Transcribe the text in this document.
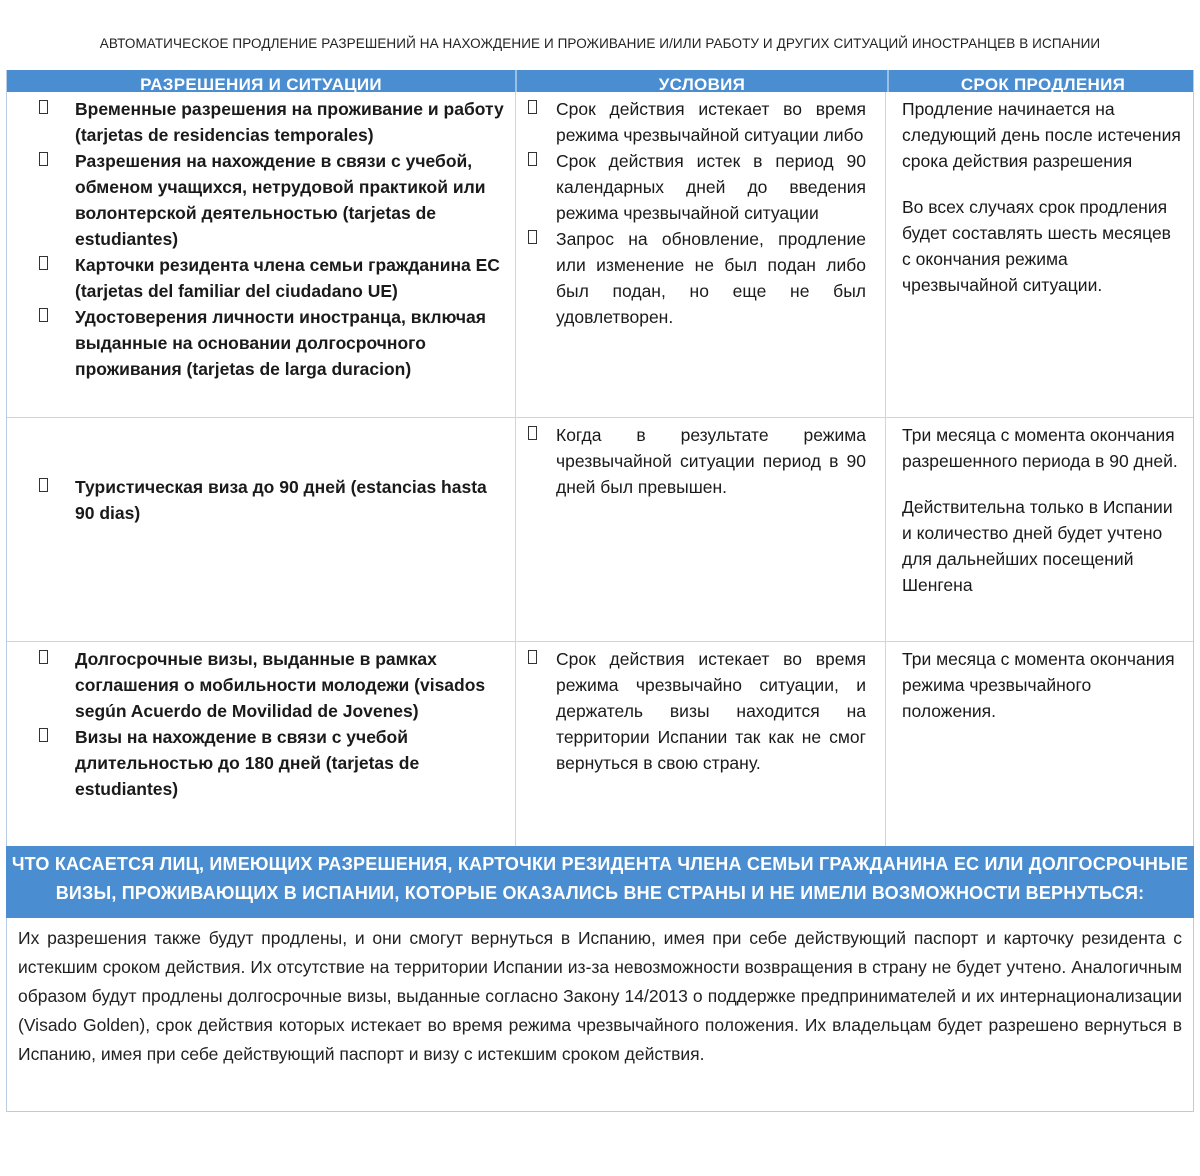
АВТОМАТИЧЕСКОЕ ПРОДЛЕНИЕ РАЗРЕШЕНИЙ НА НАХОЖДЕНИЕ И ПРОЖИВАНИЕ И/ИЛИ РАБОТУ И ДРУГИХ СИТУАЦИЙ ИНОСТРАНЦЕВ В ИСПАНИИ
РАЗРЕШЕНИЯ И СИТУАЦИИ	УСЛОВИЯ	СРОК ПРОДЛЕНИЯ
Временные разрешения на проживание и работу (tarjetas de residencias temporales)
Разрешения на нахождение в связи с учебой, обменом учащихся, нетрудовой практикой или волонтерской деятельностью (tarjetas de estudiantes)
Карточки резидента члена семьи гражданина ЕС (tarjetas del familiar del ciudadano UE)
Удостоверения личности иностранца, включая выданные на основании долгосрочного проживания (tarjetas de larga duracion)
Срок действия истекает во время режима чрезвычайной ситуации либо
Срок действия истек в период 90 календарных дней до введения режима чрезвычайной ситуации
Запрос на обновление, продление или изменение не был подан либо был подан, но еще не был удовлетворен.

Продление начинается на следующий день после истечения срока действия разрешения

Во всех случаях срок продления будет составлять шесть месяцев с окончания режима чрезвычайной ситуации.

Туристическая виза до 90 дней (estancias hasta 90 dias)
Когда в результате режима чрезвычайной ситуации период в 90 дней был превышен.

Три месяца с момента окончания разрешенного периода в 90 дней.

Действительна только в Испании и количество дней будет учтено для дальнейших посещений Шенгена

Долгосрочные визы, выданные в рамках соглашения о мобильности молодежи (visados según Acuerdo de Movilidad de Jovenes)
Визы на нахождение в связи с учебой длительностью до 180 дней (tarjetas de estudiantes)
Срок действия истекает во время режима чрезвычайно ситуации, и держатель визы находится на территории Испании так как не смог вернуться в свою страну.

Три месяца с момента окончания режима чрезвычайного положения.

ЧТО КАСАЕТСЯ ЛИЦ, ИМЕЮЩИХ РАЗРЕШЕНИЯ, КАРТОЧКИ РЕЗИДЕНТА ЧЛЕНА СЕМЬИ ГРАЖДАНИНА ЕС ИЛИ ДОЛГОСРОЧНЫЕ ВИЗЫ, ПРОЖИВАЮЩИХ В ИСПАНИИ, КОТОРЫЕ ОКАЗАЛИСЬ ВНЕ СТРАНЫ И НЕ ИМЕЛИ ВОЗМОЖНОСТИ ВЕРНУТЬСЯ:
Их разрешения также будут продлены, и они смогут вернуться в Испанию, имея при себе действующий паспорт и карточку резидента с истекшим сроком действия. Их отсутствие на территории Испании из-за невозможности возвращения в страну не будет учтено. Аналогичным образом будут продлены долгосрочные визы, выданные согласно Закону 14/2013 о поддержке предпринимателей и их интернационализации (Visado Golden), срок действия которых истекает во время режима чрезвычайного положения. Их владельцам будет разрешено вернуться в Испанию, имея при себе действующий паспорт и визу с истекшим сроком действия.
